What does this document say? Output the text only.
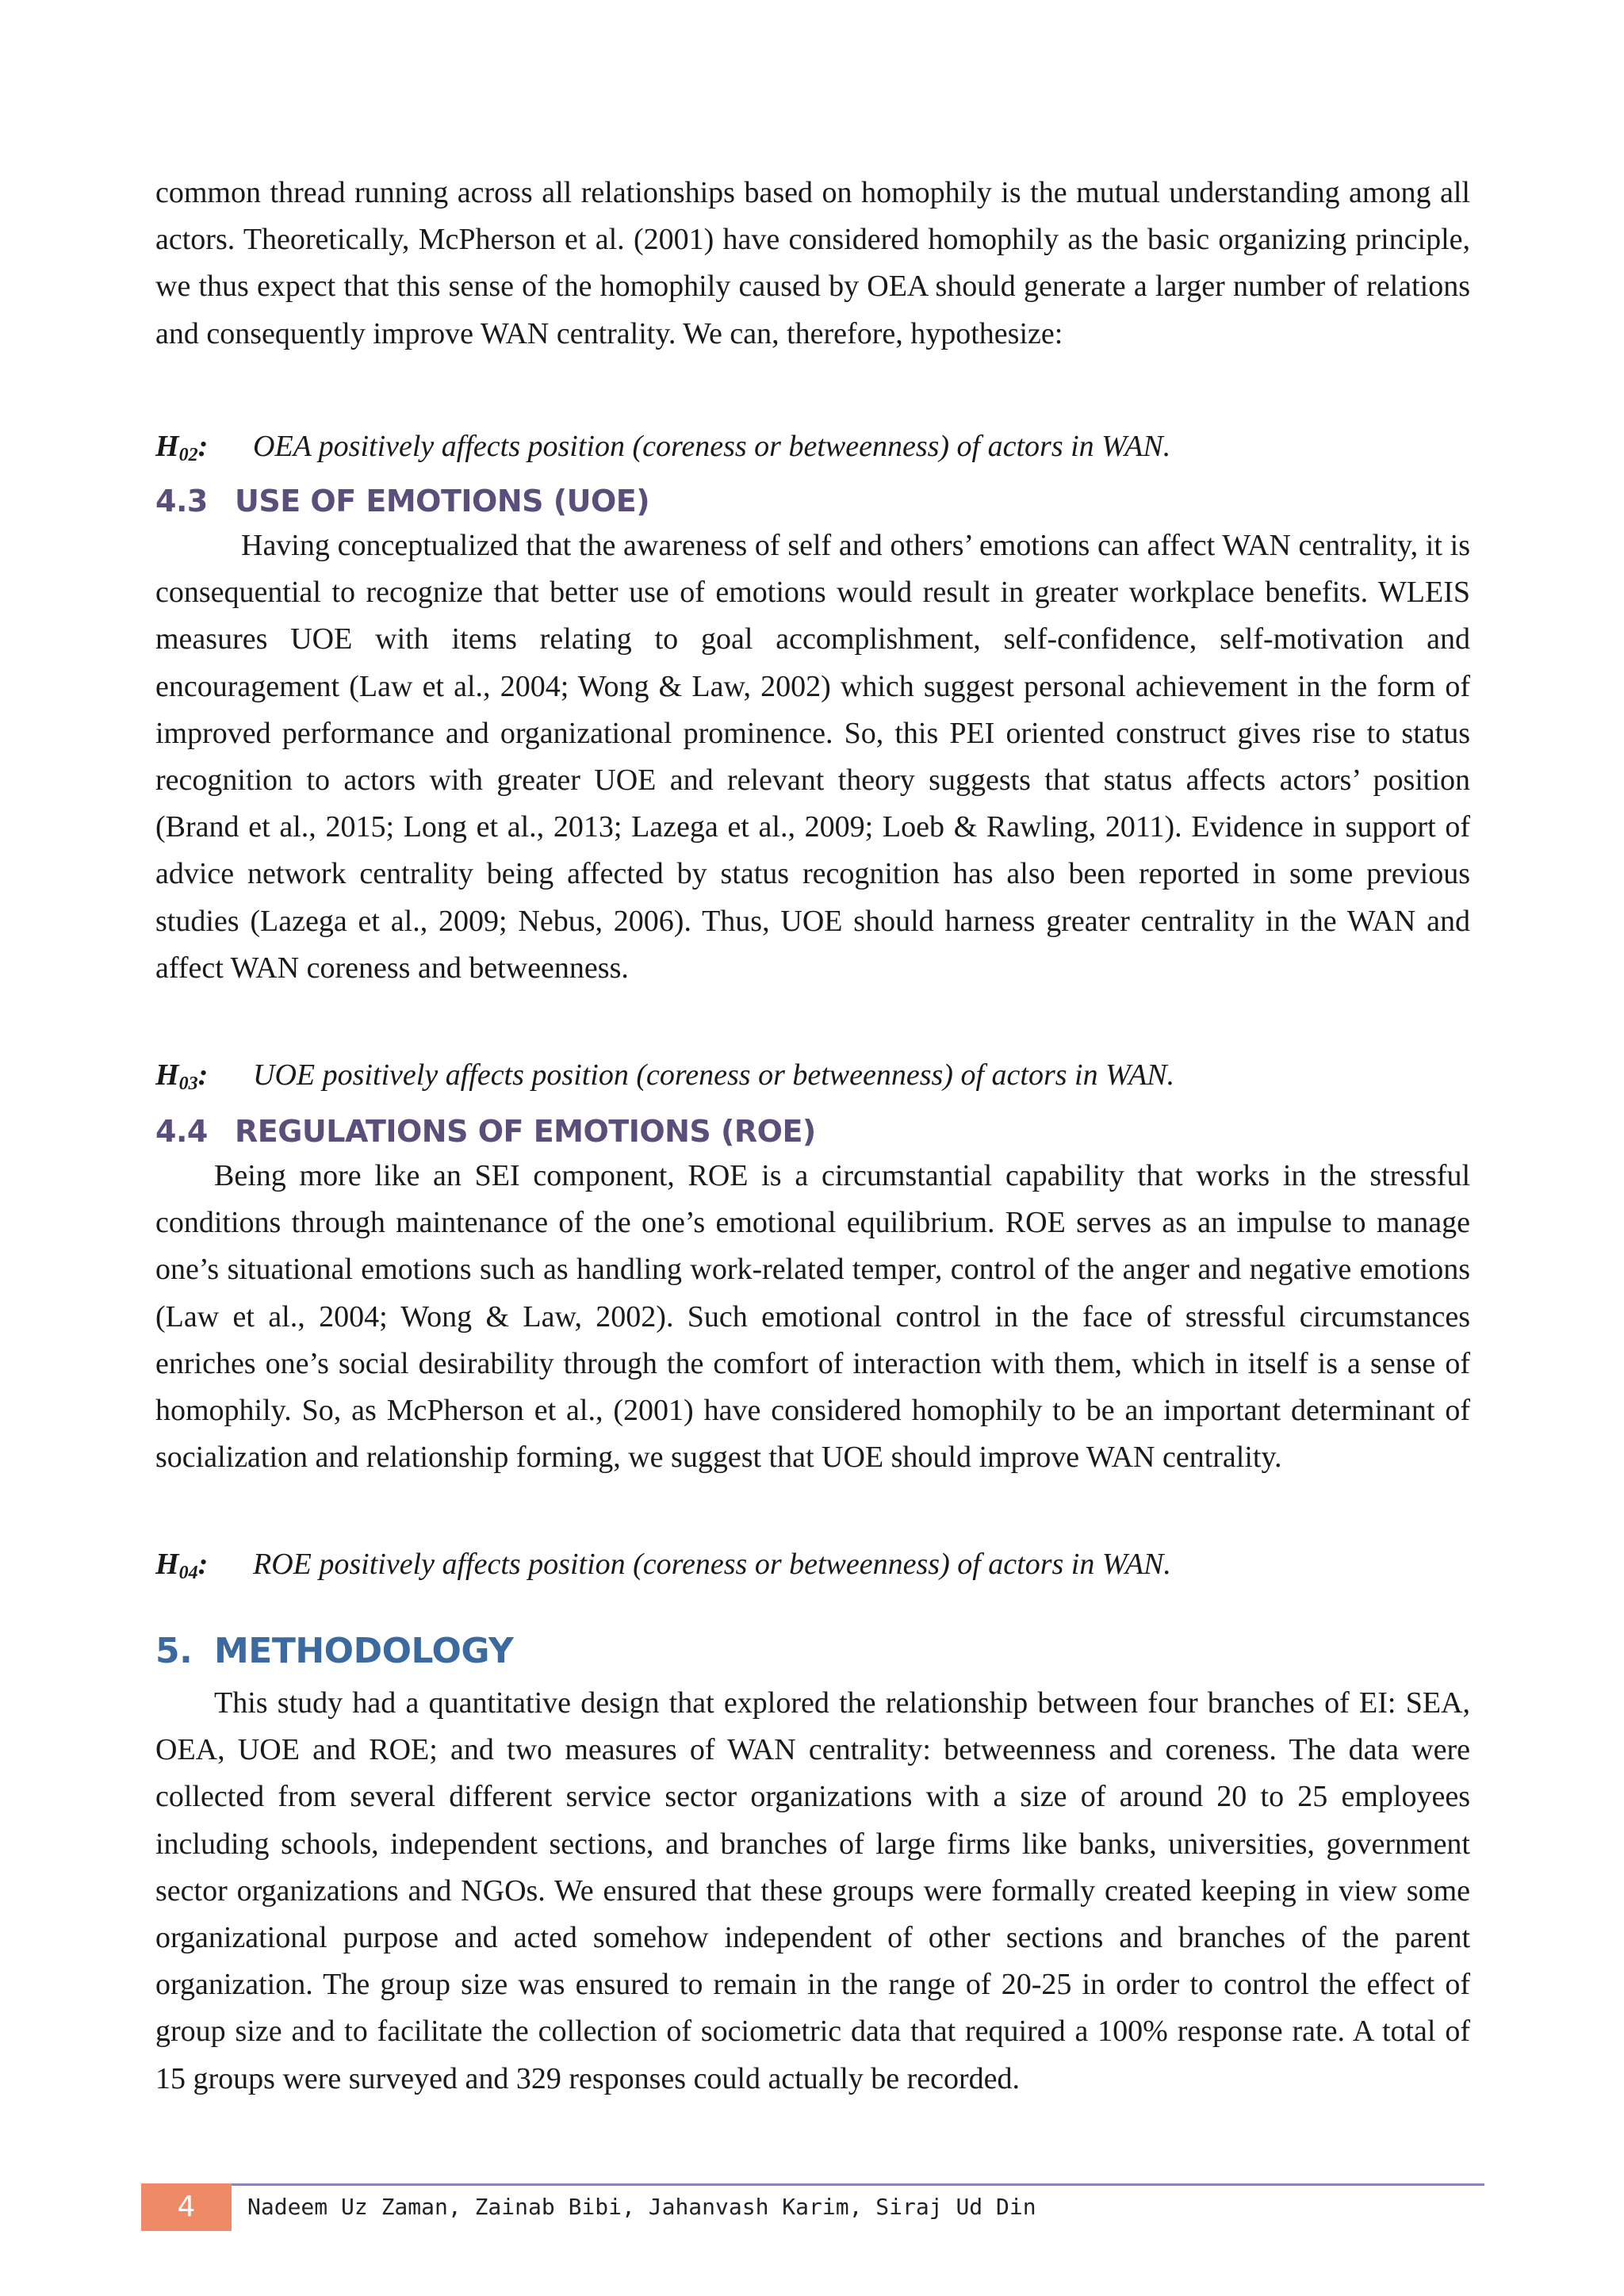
common thread running across all relationships based on homophily is the mutual understanding among all actors. Theoretically, McPherson et al. (2001) have considered homophily as the basic organizing principle, we thus expect that this sense of the homophily caused by OEA should generate a larger number of relations and consequently improve WAN centrality. We can, therefore, hypothesize:

$H_{02}$: OEA positively affects position (coreness or betweenness) of actors in WAN.
4.3 USE OF EMOTIONS (UOE)

Having conceptualized that the awareness of self and others’ emotions can affect WAN centrality, it is consequential to recognize that better use of emotions would result in greater workplace benefits. WLEIS measures UOE with items relating to goal accomplishment, self-confidence, self-motivation and encouragement (Law et al., 2004; Wong & Law, 2002) which suggest personal achievement in the form of improved performance and organizational prominence. So, this PEI oriented construct gives rise to status recognition to actors with greater UOE and relevant theory suggests that status affects actors’ position (Brand et al., 2015; Long et al., 2013; Lazega et al., 2009; Loeb & Rawling, 2011). Evidence in support of advice network centrality being affected by status recognition has also been reported in some previous studies (Lazega et al., 2009; Nebus, 2006). Thus, UOE should harness greater centrality in the WAN and affect WAN coreness and betweenness.

$H_{03}$: UOE positively affects position (coreness or betweenness) of actors in WAN.
4.4 REGULATIONS OF EMOTIONS (ROE)

Being more like an SEI component, ROE is a circumstantial capability that works in the stressful conditions through maintenance of the one’s emotional equilibrium. ROE serves as an impulse to manage one’s situational emotions such as handling work-related temper, control of the anger and negative emotions (Law et al., 2004; Wong & Law, 2002). Such emotional control in the face of stressful circumstances enriches one’s social desirability through the comfort of interaction with them, which in itself is a sense of homophily. So, as McPherson et al., (2001) have considered homophily to be an important determinant of socialization and relationship forming, we suggest that UOE should improve WAN centrality.

$H_{04}$: ROE positively affects position (coreness or betweenness) of actors in WAN.
5. METHODOLOGY

This study had a quantitative design that explored the relationship between four branches of EI: SEA, OEA, UOE and ROE; and two measures of WAN centrality: betweenness and coreness. The data were collected from several different service sector organizations with a size of around 20 to 25 employees including schools, independent sections, and branches of large firms like banks, universities, government sector organizations and NGOs. We ensured that these groups were formally created keeping in view some organizational purpose and acted somehow independent of other sections and branches of the parent organization. The group size was ensured to remain in the range of 20-25 in order to control the effect of group size and to facilitate the collection of sociometric data that required a 100% response rate. A total of 15 groups were surveyed and 329 responses could actually be recorded.

4	Nadeem Uz Zaman, Zainab Bibi, Jahanvash Karim, Siraj Ud Din
